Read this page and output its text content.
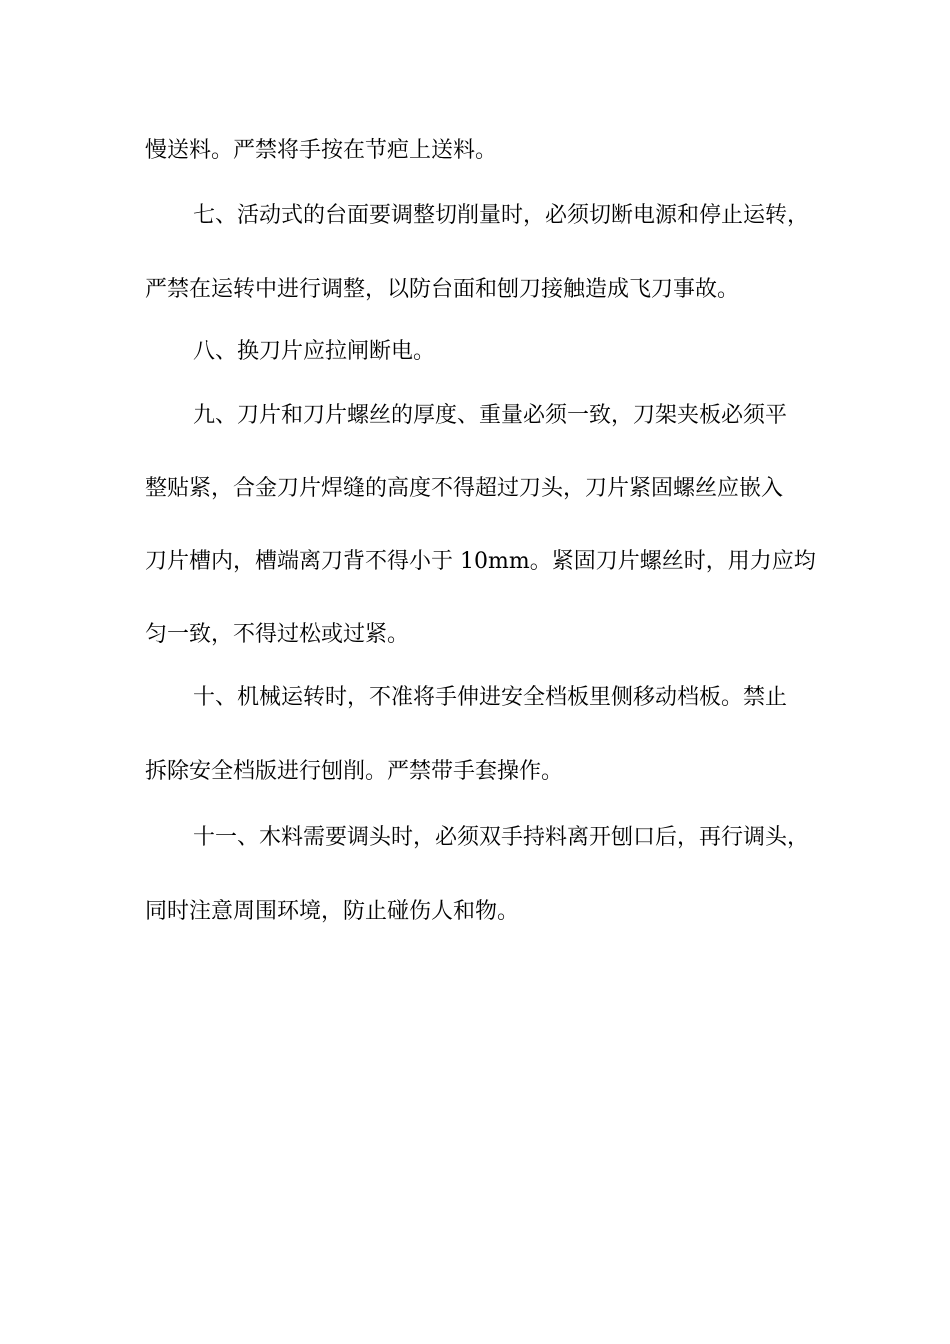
慢送料。严禁将手按在节疤上送料。
七、活动式的台面要调整切削量时，必须切断电源和停止运转，
严禁在运转中进行调整，以防台面和刨刀接触造成飞刀事故。
八、换刀片应拉闸断电。
九、刀片和刀片螺丝的厚度、重量必须一致，刀架夹板必须平
整贴紧，合金刀片焊缝的高度不得超过刀头，刀片紧固螺丝应嵌入
刀片槽内，槽端离刀背不得小于 10mm。紧固刀片螺丝时，用力应均
匀一致，不得过松或过紧。
十、机械运转时，不准将手伸进安全档板里侧移动档板。禁止
拆除安全档版进行刨削。严禁带手套操作。
十一、木料需要调头时，必须双手持料离开刨口后，再行调头，
同时注意周围环境，防止碰伤人和物。
